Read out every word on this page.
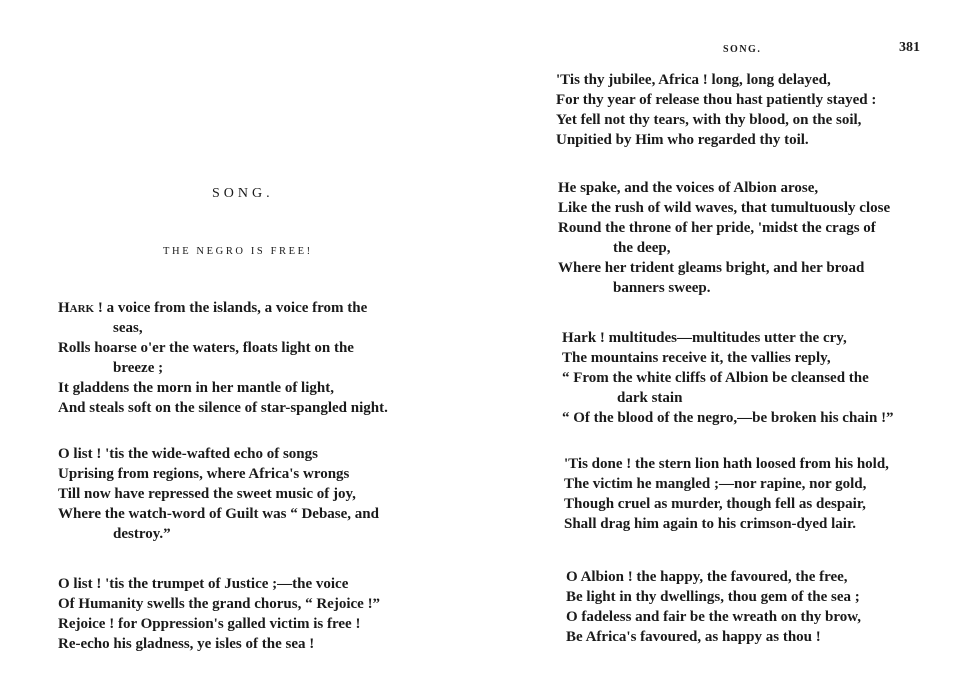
SONG.
THE NEGRO IS FREE!
Hark ! a voice from the islands, a voice from the
seas,
Rolls hoarse o'er the waters, floats light on the
breeze ;
It gladdens the morn in her mantle of light,
And steals soft on the silence of star-spangled night.
O list ! 'tis the wide-wafted echo of songs
Uprising from regions, where Africa's wrongs
Till now have repressed the sweet music of joy,
Where the watch-word of Guilt was “ Debase, and
destroy.”
O list ! 'tis the trumpet of Justice ;—the voice
Of Humanity swells the grand chorus, “ Rejoice !”
Rejoice ! for Oppression's galled victim is free !
Re-echo his gladness, ye isles of the sea !
SONG.	381
'Tis thy jubilee, Africa ! long, long delayed,
For thy year of release thou hast patiently stayed :
Yet fell not thy tears, with thy blood, on the soil,
Unpitied by Him who regarded thy toil.
He spake, and the voices of Albion arose,
Like the rush of wild waves, that tumultuously close
Round the throne of her pride, 'midst the crags of
the deep,
Where her trident gleams bright, and her broad
banners sweep.
Hark ! multitudes—multitudes utter the cry,
The mountains receive it, the vallies reply,
“ From the white cliffs of Albion be cleansed the
dark stain
“ Of the blood of the negro,—be broken his chain !”
'Tis done ! the stern lion hath loosed from his hold,
The victim he mangled ;—nor rapine, nor gold,
Though cruel as murder, though fell as despair,
Shall drag him again to his crimson-dyed lair.
O Albion ! the happy, the favoured, the free,
Be light in thy dwellings, thou gem of the sea ;
O fadeless and fair be the wreath on thy brow,
Be Africa's favoured, as happy as thou !
